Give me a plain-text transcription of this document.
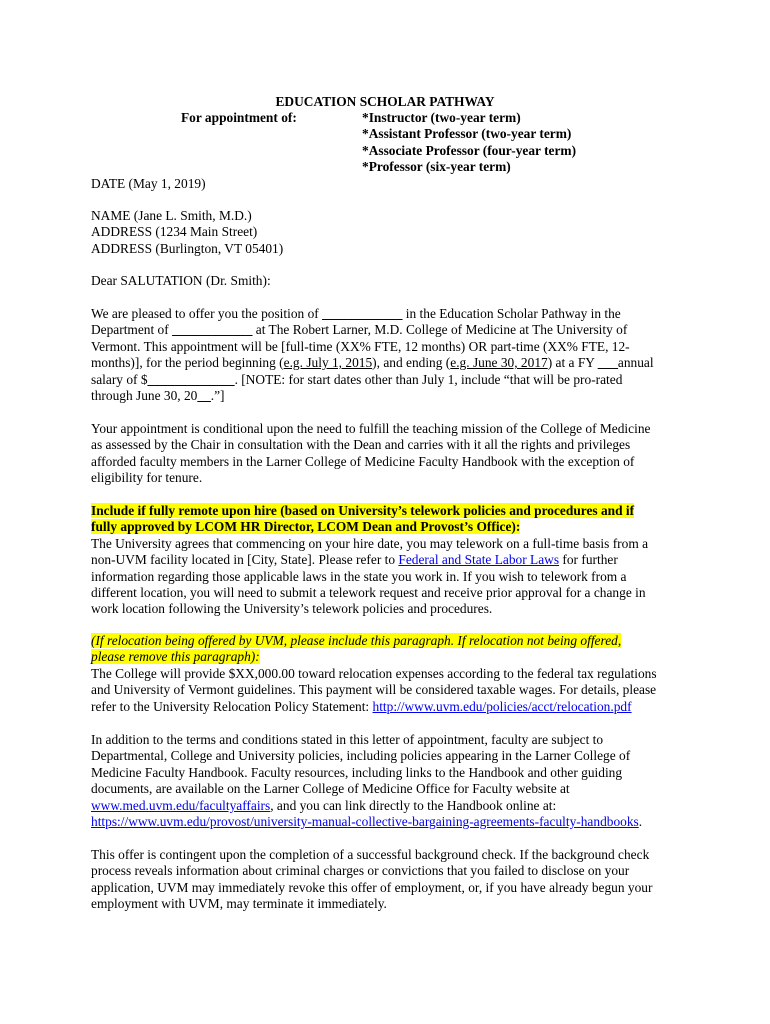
EDUCATION SCHOLAR PATHWAY
For appointment of:	*Instructor (two-year term)
*Assistant Professor (two-year term)
*Associate Professor (four-year term)
*Professor (six-year term)

DATE (May 1, 2019)

NAME (Jane L. Smith, M.D.)

ADDRESS (1234 Main Street)

ADDRESS (Burlington, VT 05401)

Dear SALUTATION (Dr. Smith):

We are pleased to offer you the position of ____________ in the Education Scholar Pathway in the

Department of ____________ at The Robert Larner, M.D. College of Medicine at The University of

Vermont. This appointment will be [full-time (XX% FTE, 12 months) OR part-time (XX% FTE, 12-

months)], for the period beginning (e.g. July 1, 2015), and ending (e.g. June 30, 2017) at a FY ___annual

salary of $_____________. [NOTE: for start dates other than July 1, include “that will be pro-rated

through June 30, 20__.”]

Your appointment is conditional upon the need to fulfill the teaching mission of the College of Medicine

as assessed by the Chair in consultation with the Dean and carries with it all the rights and privileges

afforded faculty members in the Larner College of Medicine Faculty Handbook with the exception of

eligibility for tenure.

Include if fully remote upon hire (based on University’s telework policies and procedures and if

fully approved by LCOM HR Director, LCOM Dean and Provost’s Office):

The University agrees that commencing on your hire date, you may telework on a full-time basis from a

non-UVM facility located in [City, State]. Please refer to Federal and State Labor Laws for further

information regarding those applicable laws in the state you work in. If you wish to telework from a

different location, you will need to submit a telework request and receive prior approval for a change in

work location following the University’s telework policies and procedures.

(If relocation being offered by UVM, please include this paragraph. If relocation not being offered,

please remove this paragraph):

The College will provide $XX,000.00 toward relocation expenses according to the federal tax regulations

and University of Vermont guidelines. This payment will be considered taxable wages. For details, please

refer to the University Relocation Policy Statement: http://www.uvm.edu/policies/acct/relocation.pdf

In addition to the terms and conditions stated in this letter of appointment, faculty are subject to

Departmental, College and University policies, including policies appearing in the Larner College of

Medicine Faculty Handbook. Faculty resources, including links to the Handbook and other guiding

documents, are available on the Larner College of Medicine Office for Faculty website at

www.med.uvm.edu/facultyaffairs, and you can link directly to the Handbook online at:

https://www.uvm.edu/provost/university-manual-collective-bargaining-agreements-faculty-handbooks.

This offer is contingent upon the completion of a successful background check. If the background check

process reveals information about criminal charges or convictions that you failed to disclose on your

application, UVM may immediately revoke this offer of employment, or, if you have already begun your

employment with UVM, may terminate it immediately.
